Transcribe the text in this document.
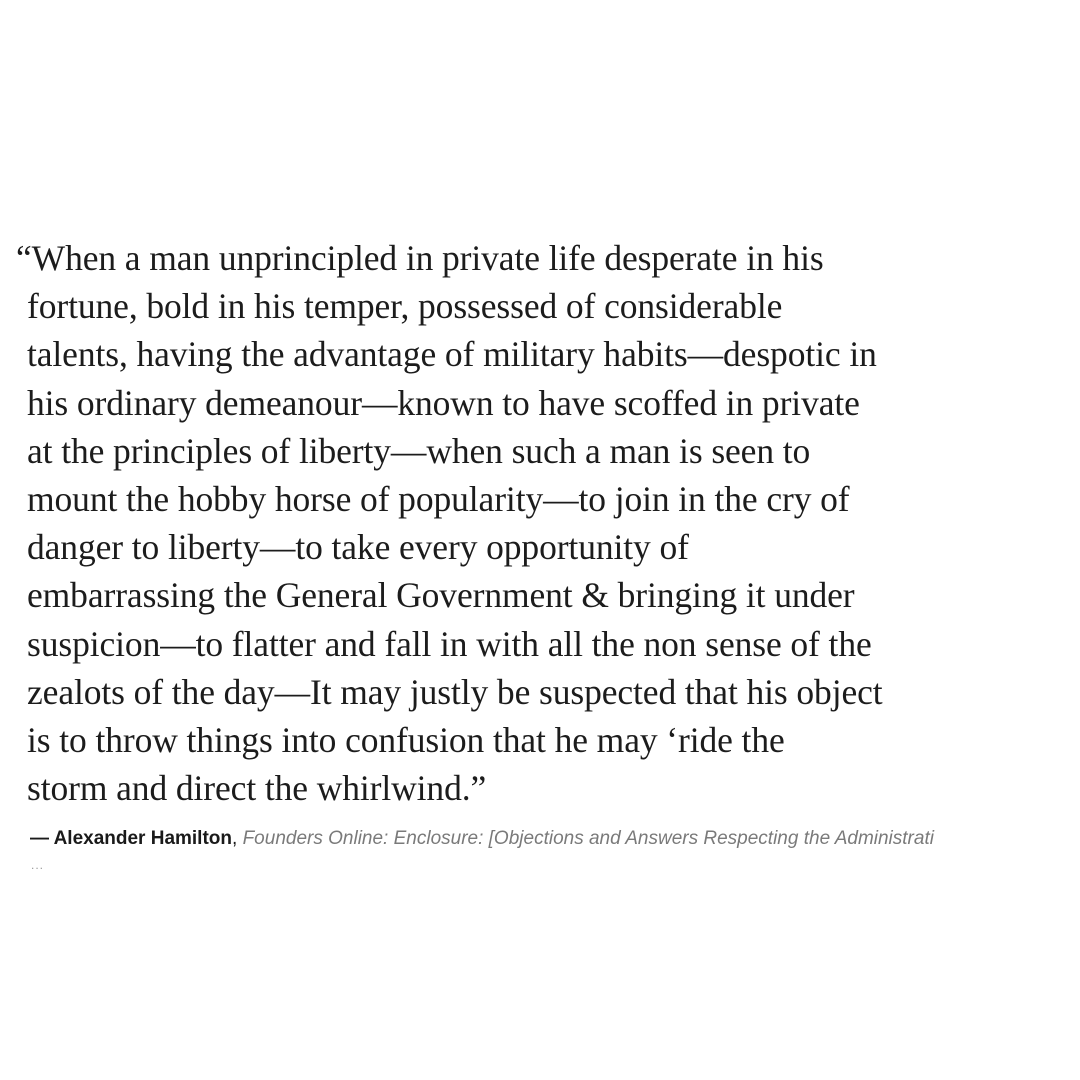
“When a man unprincipled in private life desperate in his

fortune, bold in his temper, possessed of considerable

talents, having the advantage of military habits—despotic in

his ordinary demeanour—known to have scoffed in private

at the principles of liberty—when such a man is seen to

mount the hobby horse of popularity—to join in the cry of

danger to liberty—to take every opportunity of

embarrassing the General Government & bringing it under

suspicion—to flatter and fall in with all the non sense of the

zealots of the day—It may justly be suspected that his object

is to throw things into confusion that he may ‘ride the

storm and direct the whirlwind.”

— Alexander Hamilton, Founders Online: Enclosure: [Objections and Answers Respecting the Administrati
...
